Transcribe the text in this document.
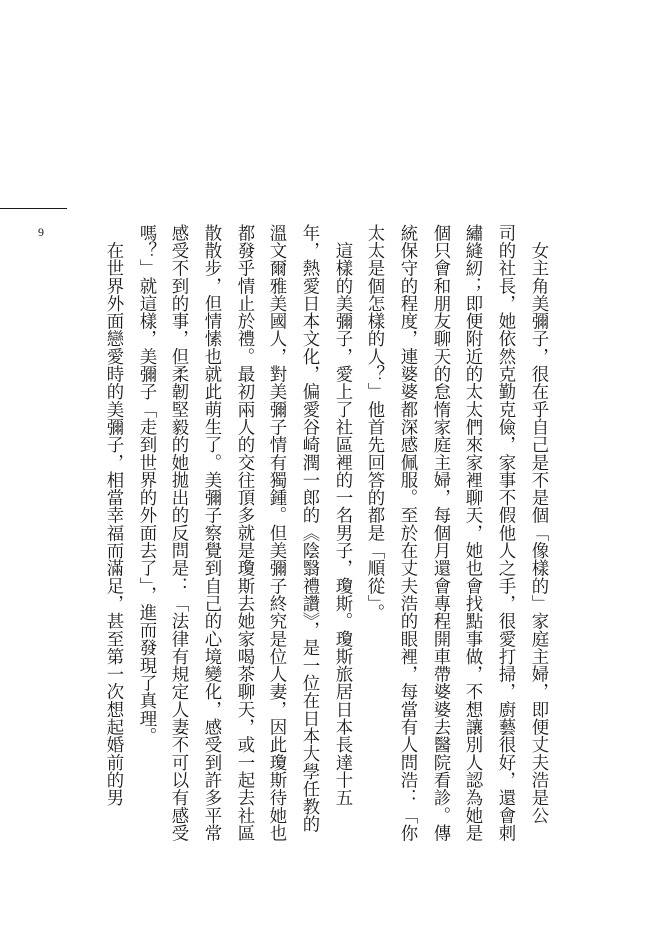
9	　女主角美彌子，很在乎自己是不是個「像樣的」家庭主婦，即便丈夫浩是公
司的社長，她依然克勤克儉，家事不假他人之手，很愛打掃，廚藝很好，還會刺
繡縫紉；即便附近的太太們來家裡聊天，她也會找點事做，不想讓別人認為她是
個只會和朋友聊天的怠惰家庭主婦，每個月還會專程開車帶婆婆去醫院看診。傳
統保守的程度，連婆婆都深感佩服。至於在丈夫浩的眼裡，每當有人問浩：「你
太太是個怎樣的人？」他首先回答的都是「順從」。
　這樣的美彌子，愛上了社區裡的一名男子，瓊斯。瓊斯旅居日本長達十五
年，熱愛日本文化，偏愛谷崎潤一郎的《陰翳禮讚》，是一位在日本大學任教的
溫文爾雅美國人，對美彌子情有獨鍾。但美彌子終究是位人妻，因此瓊斯待她也
都發乎情止於禮。最初兩人的交往頂多就是瓊斯去她家喝茶聊天，或一起去社區
散散步，但情愫也就此萌生了。美彌子察覺到自己的心境變化，感受到許多平常
感受不到的事，但柔韌堅毅的她拋出的反問是：「法律有規定人妻不可以有感受
嗎？」就這樣，美彌子「走到世界的外面去了」，進而發現了真理。
　在世界外面戀愛時的美彌子，相當幸福而滿足，甚至第一次想起婚前的男
